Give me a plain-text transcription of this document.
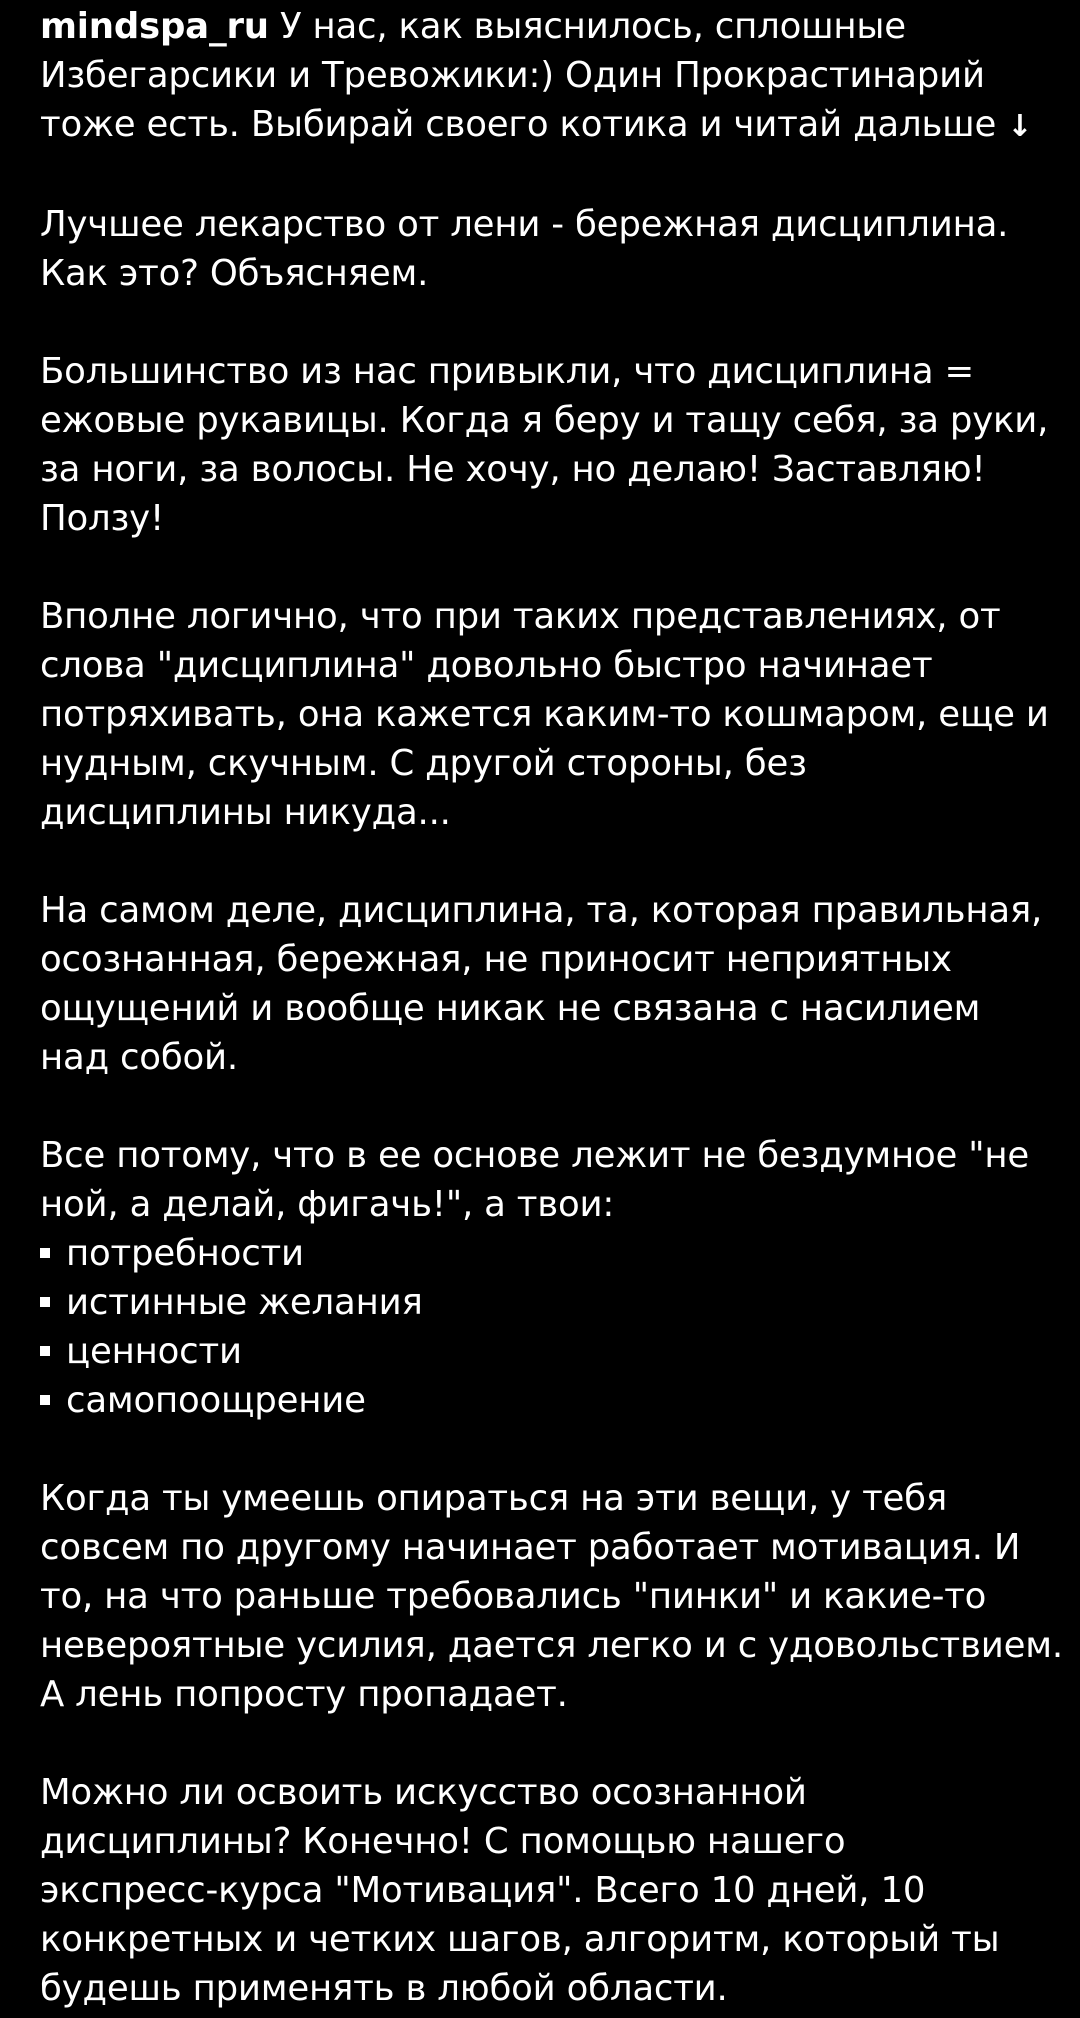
mindspa_ru У нас, как выяснилось, сплошные
Избегарсики и Тревожики:) Один Прокрастинарий
тоже есть. Выбирай своего котика и читай дальше ↓
Лучшее лекарство от лени - бережная дисциплина.
Как это? Объясняем.
Большинство из нас привыкли, что дисциплина =
ежовые рукавицы. Когда я беру и тащу себя, за руки,
за ноги, за волосы. Не хочу, но делаю! Заставляю!
Ползу!
Вполне логично, что при таких представлениях, от
слова "дисциплина" довольно быстро начинает
потряхивать, она кажется каким-то кошмаром, еще и
нудным, скучным. С другой стороны, без
дисциплины никуда...
На самом деле, дисциплина, та, которая правильная,
осознанная, бережная, не приносит неприятных
ощущений и вообще никак не связана с насилием
над собой.
Все потому, что в ее основе лежит не бездумное "не
ной, а делай, фигачь!", а твои:
потребности
истинные желания
ценности
самопоощрение
Когда ты умеешь опираться на эти вещи, у тебя
совсем по другому начинает работает мотивация. И
то, на что раньше требовались "пинки" и какие-то
невероятные усилия, дается легко и с удовольствием.
А лень попросту пропадает.
Можно ли освоить искусство осознанной
дисциплины? Конечно! С помощью нашего
экспресс-курса "Мотивация". Всего 10 дней, 10
конкретных и четких шагов, алгоритм, который ты
будешь применять в любой области.
